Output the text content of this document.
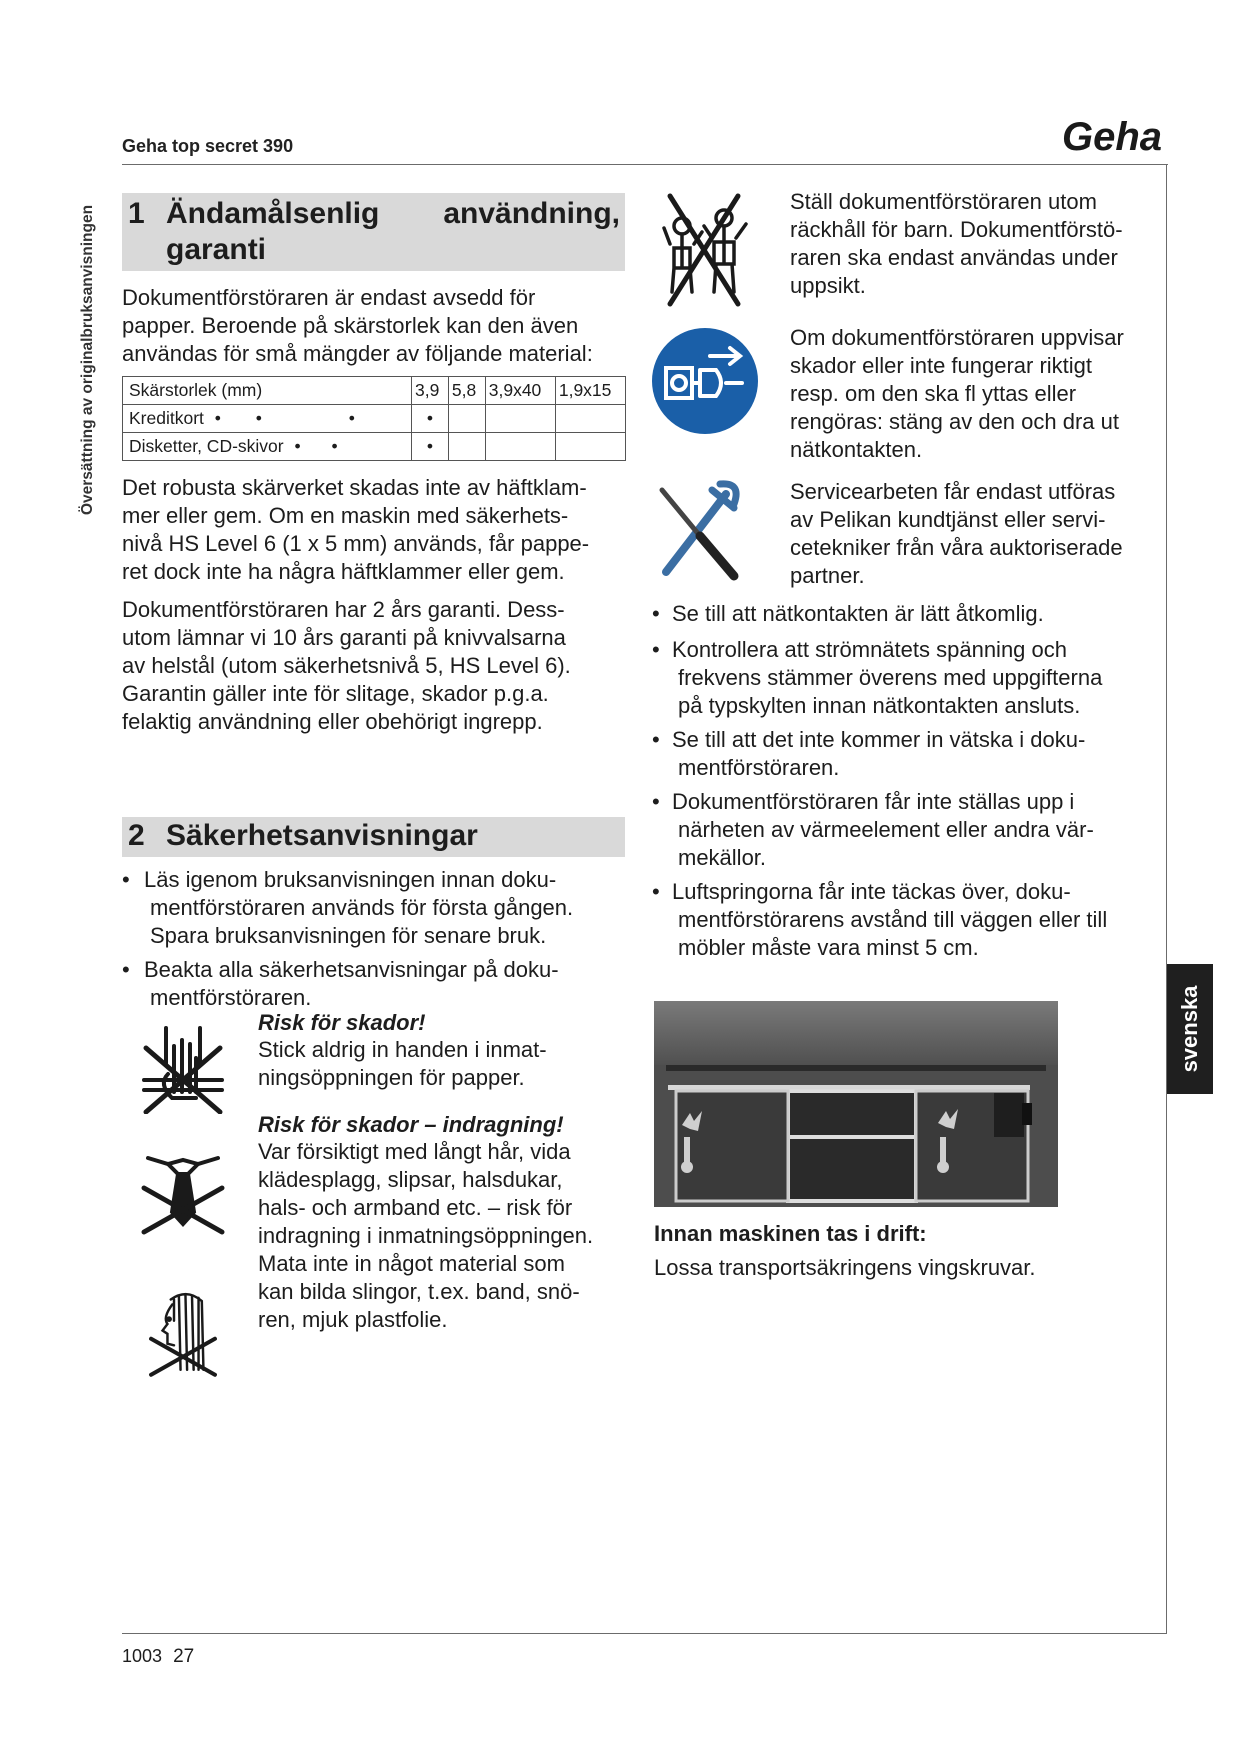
Geha top secret 390	Geha
Översättning av originalbruksanvisningen
svenska
1 Ändamålsenlig användning,
garanti
Dokumentförstöraren är endast avsedd för
papper. Beroende på skärstorlek kan den även
användas för små mängder av följande material:
Skärstorlek (mm)	3,9	5,8	3,9x40	1,9x15
Kreditkort • • •	•			
Disketter, CD-skivor • •	•			
Det robusta skärverket skadas inte av häftklam-
mer eller gem. Om en maskin med säkerhets-
nivå HS Level 6 (1 x 5 mm) används, får pappe-
ret dock inte ha några häftklammer eller gem.
Dokumentförstöraren har 2 års garanti. Dess-
utom lämnar vi 10 års garanti på knivvalsarna
av helstål (utom säkerhetsnivå 5, HS Level 6).
Garantin gäller inte för slitage, skador p.g.a.
felaktig användning eller obehörigt ingrepp.
2 Säkerhetsanvisningar
• Läs igenom bruksanvisningen innan doku-
mentförstöraren används för första gången.
Spara bruksanvisningen för senare bruk.
• Beakta alla säkerhetsanvisningar på doku-
mentförstöraren.
Risk för skador!
Stick aldrig in handen i inmat-
ningsöppningen för papper.
Risk för skador – indragning!
Var försiktigt med långt hår, vida
klädesplagg, slipsar, halsdukar,
hals- och armband etc. – risk för
indragning i inmatningsöppningen.
Mata inte in något material som
kan bilda slingor, t.ex. band, snö-
ren, mjuk plastfolie.
Ställ dokumentförstöraren utom
räckhåll för barn. Dokumentförstö-
raren ska endast användas under
uppsikt.
Om dokumentförstöraren uppvisar
skador eller inte fungerar riktigt
resp. om den ska fl yttas eller
rengöras: stäng av den och dra ut
nätkontakten.
Servicearbeten får endast utföras
av Pelikan kundtjänst eller servi-
cetekniker från våra auktoriserade
partner.
• Se till att nätkontakten är lätt åtkomlig.
• Kontrollera att strömnätets spänning och
frekvens stämmer överens med uppgifterna
på typskylten innan nätkontakten ansluts.
• Se till att det inte kommer in vätska i doku-
mentförstöraren.
• Dokumentförstöraren får inte ställas upp i
närheten av värmeelement eller andra vär-
mekällor.
• Luftspringorna får inte täckas över, doku-
mentförstörarens avstånd till väggen eller till
möbler måste vara minst 5 cm.
Innan maskinen tas i drift:
Lossa transportsäkringens vingskruvar.
1003 27
